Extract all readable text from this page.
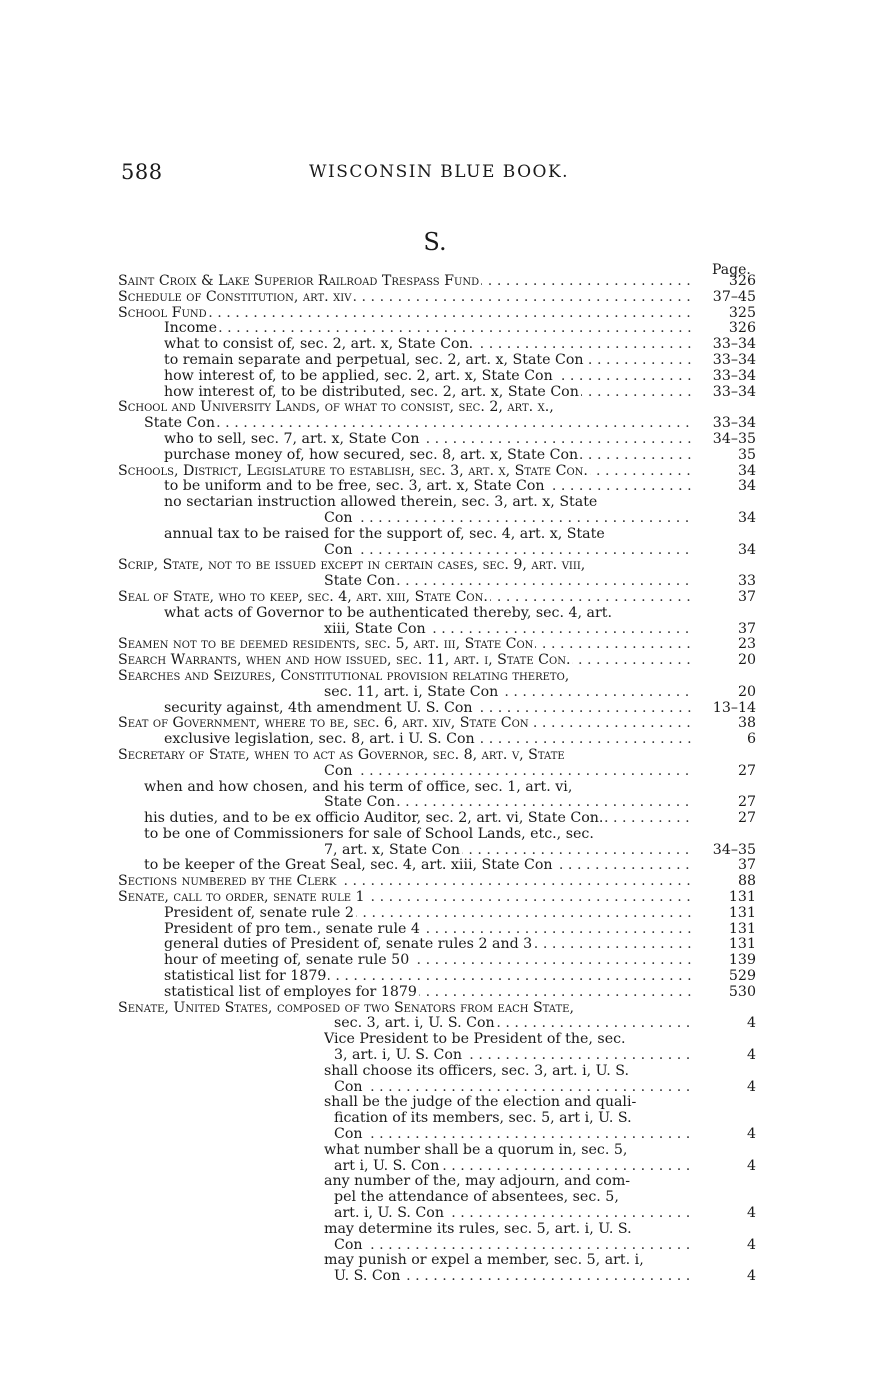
588	WISCONSIN BLUE BOOK.
S.
Page.
Saint Croix & Lake Superior Railroad Trespass Fund . . .	326
Schedule of Constitution, art. xiv . . .	37–45
School Fund . . .	325
Income . . .	326
what to consist of, sec. 2, art. x, State Con. . . .	33–34
to remain separate and perpetual, sec. 2, art. x, State Con . . .	33–34
how interest of, to be applied, sec. 2, art. x, State Con . . .	33–34
how interest of, to be distributed, sec. 2, art. x, State Con . . .	33–34
School and University Lands, of what to consist, sec. 2, art. x.,
State Con . . .	33–34
who to sell, sec. 7, art. x, State Con . . .	34–35
purchase money of, how secured, sec. 8, art. x, State Con . . .	35
Schools, District, Legislature to establish, sec. 3, art. x, State Con. . . .	34
to be uniform and to be free, sec. 3, art. x, State Con . . .	34
no sectarian instruction allowed therein, sec. 3, art. x, State
Con . . .	34
annual tax to be raised for the support of, sec. 4, art. x, State
Con . . .	34
Scrip, State, not to be issued except in certain cases, sec. 9, art. viii,
State Con . . .	33
Seal of State, who to keep, sec. 4, art. xiii, State Con. . . .	37
what acts of Governor to be authenticated thereby, sec. 4, art.
xiii, State Con . . .	37
Seamen not to be deemed residents, sec. 5, art. iii, State Con . . .	23
Search Warrants, when and how issued, sec. 11, art. i, State Con. . . .	20
Searches and Seizures, Constitutional provision relating thereto,
sec. 11, art. i, State Con . . .	20
security against, 4th amendment U. S. Con . . .	13–14
Seat of Government, where to be, sec. 6, art. xiv, State Con . . .	38
exclusive legislation, sec. 8, art. i U. S. Con . . .	6
Secretary of State, when to act as Governor, sec. 8, art. v, State
Con . . .	27
when and how chosen, and his term of office, sec. 1, art. vi,
State Con . . .	27
his duties, and to be ex officio Auditor, sec. 2, art. vi, State Con. . . .	27
to be one of Commissioners for sale of School Lands, etc., sec.
7, art. x, State Con . . .	34–35
to be keeper of the Great Seal, sec. 4, art. xiii, State Con . . .	37
Sections numbered by the Clerk . . .	88
Senate, call to order, senate rule 1 . . .	131
President of, senate rule 2 . . .	131
President of pro tem., senate rule 4 . . .	131
general duties of President of, senate rules 2 and 3 . . .	131
hour of meeting of, senate rule 50 . . .	139
statistical list for 1879 . . .	529
statistical list of employes for 1879 . . .	530
Senate, United States, composed of two Senators from each State,
sec. 3, art. i, U. S. Con . . .	4
Vice President to be President of the, sec.
3, art. i, U. S. Con . . .	4
shall choose its officers, sec. 3, art. i, U. S.
Con . . .	4
shall be the judge of the election and quali-
fication of its members, sec. 5, art i, U. S.
Con . . .	4
what number shall be a quorum in, sec. 5,
art i, U. S. Con . . .	4
any number of the, may adjourn, and com-
pel the attendance of absentees, sec. 5,
art. i, U. S. Con . . .	4
may determine its rules, sec. 5, art. i, U. S.
Con . . .	4
may punish or expel a member, sec. 5, art. i,
U. S. Con . . .	4
